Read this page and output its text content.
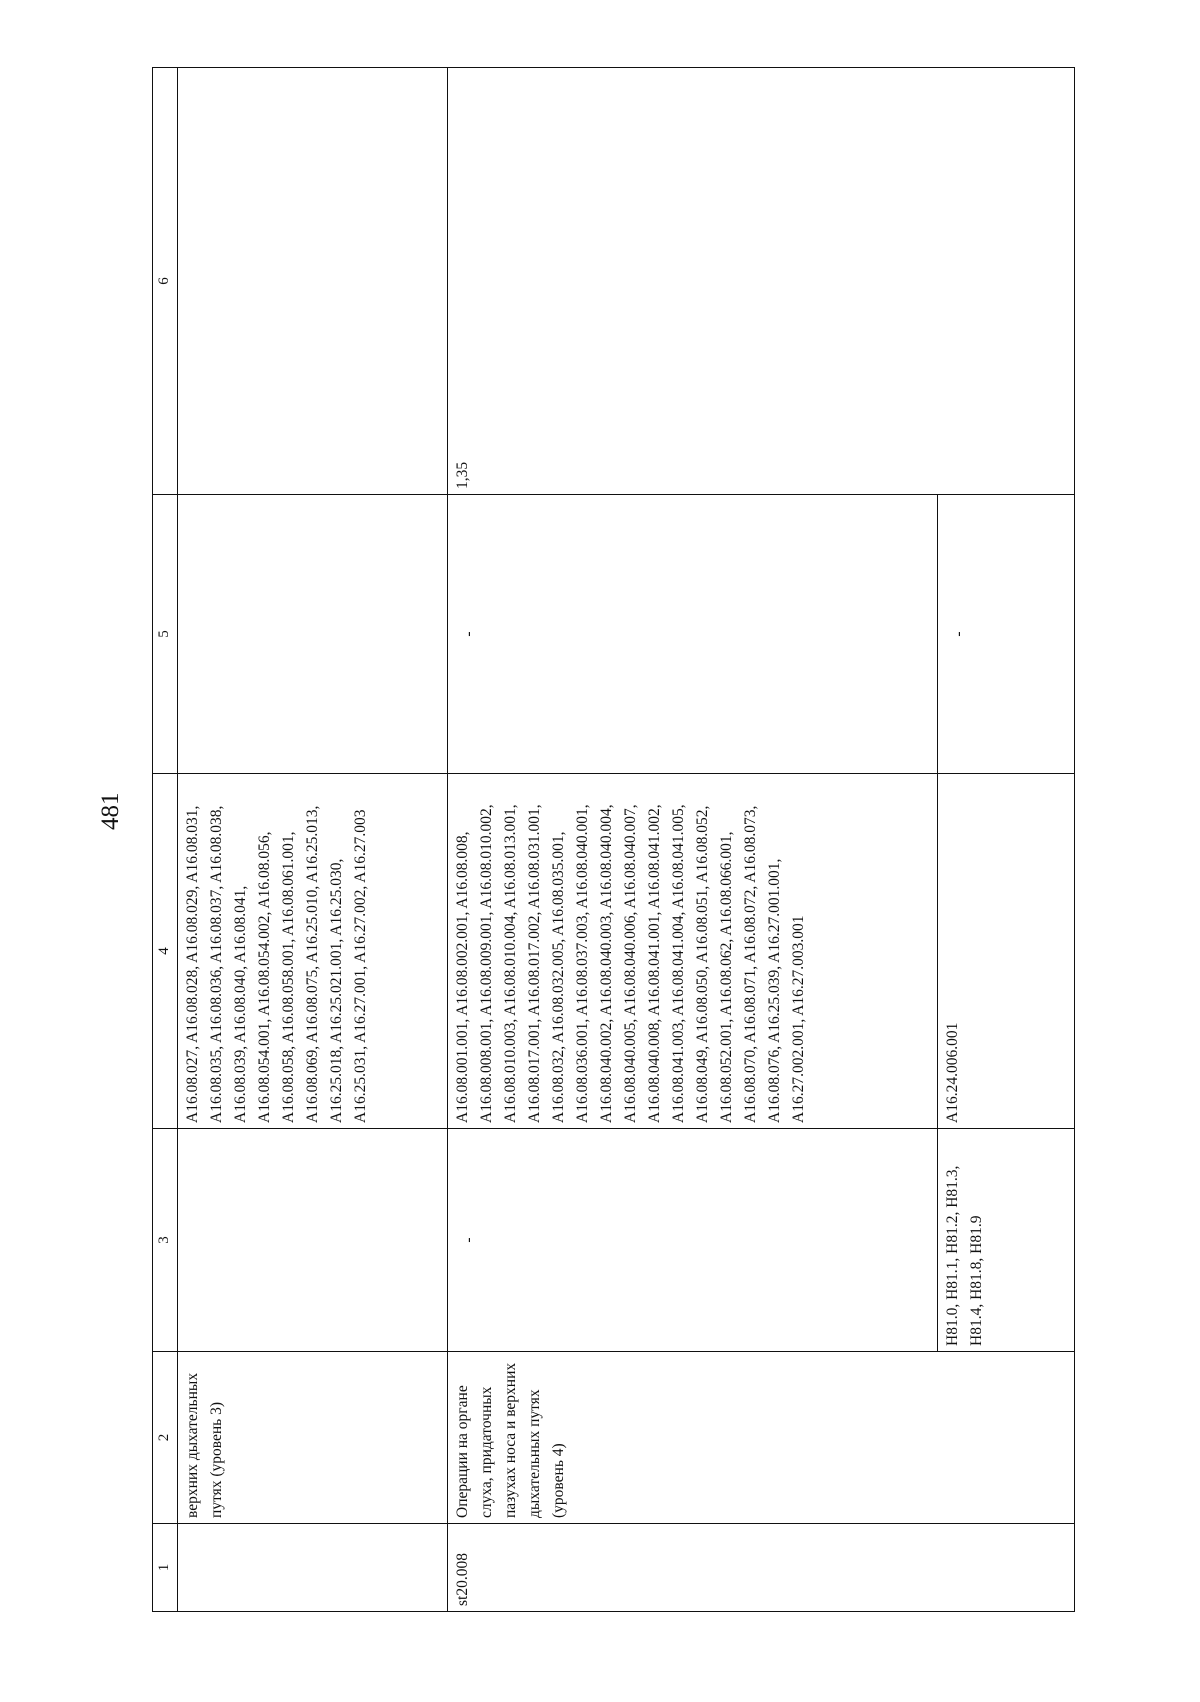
481
1	2	3	4	5	6
	верхних дыхательных путях (уровень 3)		A16.08.027, A16.08.028, A16.08.029, A16.08.031, A16.08.035, A16.08.036, A16.08.037, A16.08.038, A16.08.039, A16.08.040, A16.08.041, A16.08.054.001, A16.08.054.002, A16.08.056, A16.08.058, A16.08.058.001, A16.08.061.001, A16.08.069, A16.08.075, A16.25.010, A16.25.013, A16.25.018, A16.25.021.001, A16.25.030, A16.25.031, A16.27.001, A16.27.002, A16.27.003		
st20.008	Операции на органе слуха, придаточных пазухах носа и верхних дыхательных путях (уровень 4)	-	A16.08.001.001, A16.08.002.001, A16.08.008, A16.08.008.001, A16.08.009.001, A16.08.010.002, A16.08.010.003, A16.08.010.004, A16.08.013.001, A16.08.017.001, A16.08.017.002, A16.08.031.001, A16.08.032, A16.08.032.005, A16.08.035.001, A16.08.036.001, A16.08.037.003, A16.08.040.001, A16.08.040.002, A16.08.040.003, A16.08.040.004, A16.08.040.005, A16.08.040.006, A16.08.040.007, A16.08.040.008, A16.08.041.001, A16.08.041.002, A16.08.041.003, A16.08.041.004, A16.08.041.005, A16.08.049, A16.08.050, A16.08.051, A16.08.052, A16.08.052.001, A16.08.062, A16.08.066.001, A16.08.070, A16.08.071, A16.08.072, A16.08.073, A16.08.076, A16.25.039, A16.27.001.001, A16.27.002.001, A16.27.003.001	-	1,35
		H81.0, H81.1, H81.2, H81.3, H81.4, H81.8, H81.9	A16.24.006.001	-	
